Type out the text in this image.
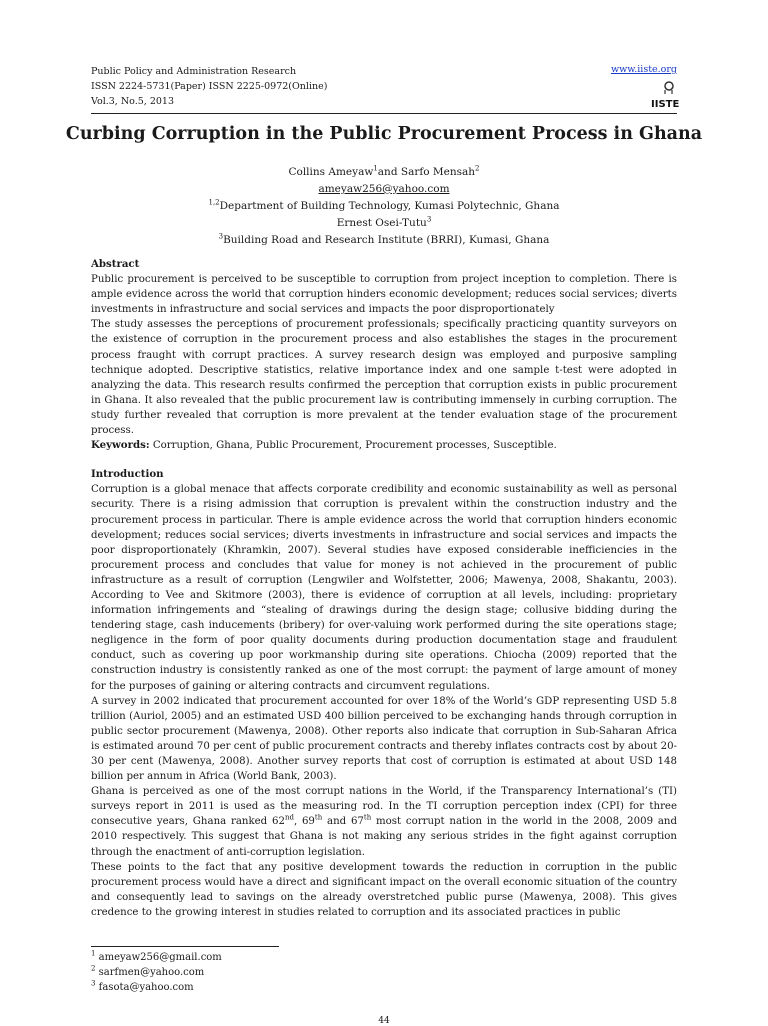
Public Policy and Administration Research
ISSN 2224-5731(Paper) ISSN 2225-0972(Online)
Vol.3, No.5, 2013
www.iiste.org
IISTE
Curbing Corruption in the Public Procurement Process in Ghana
Collins Ameyaw$^1$and Sarfo Mensah$^2$
ameyaw256@yahoo.com
$^{1,2}$Department of Building Technology, Kumasi Polytechnic, Ghana
Ernest Osei-Tutu$^3$
$^3$Building Road and Research Institute (BRRI), Kumasi, Ghana
Abstract

Public procurement is perceived to be susceptible to corruption from project inception to completion. There is ample evidence across the world that corruption hinders economic development; reduces social services; diverts investments in infrastructure and social services and impacts the poor disproportionately

The study assesses the perceptions of procurement professionals; specifically practicing quantity surveyors on the existence of corruption in the procurement process and also establishes the stages in the procurement process fraught with corrupt practices. A survey research design was employed and purposive sampling technique adopted. Descriptive statistics, relative importance index and one sample t-test were adopted in analyzing the data. This research results confirmed the perception that corruption exists in public procurement in Ghana. It also revealed that the public procurement law is contributing immensely in curbing corruption. The study further revealed that corruption is more prevalent at the tender evaluation stage of the procurement process.

Keywords: Corruption, Ghana, Public Procurement, Procurement processes, Susceptible.

Introduction

Corruption is a global menace that affects corporate credibility and economic sustainability as well as personal security. There is a rising admission that corruption is prevalent within the construction industry and the procurement process in particular. There is ample evidence across the world that corruption hinders economic development; reduces social services; diverts investments in infrastructure and social services and impacts the poor disproportionately (Khramkin, 2007). Several studies have exposed considerable inefficiencies in the procurement process and concludes that value for money is not achieved in the procurement of public infrastructure as a result of corruption (Lengwiler and Wolfstetter, 2006; Mawenya, 2008, Shakantu, 2003). According to Vee and Skitmore (2003), there is evidence of corruption at all levels, including: proprietary information infringements and “stealing of drawings during the design stage; collusive bidding during the tendering stage, cash inducements (bribery) for over-valuing work performed during the site operations stage; negligence in the form of poor quality documents during production documentation stage and fraudulent conduct, such as covering up poor workmanship during site operations. Chiocha (2009) reported that the construction industry is consistently ranked as one of the most corrupt: the payment of large amount of money for the purposes of gaining or altering contracts and circumvent regulations.

A survey in 2002 indicated that procurement accounted for over 18% of the World’s GDP representing USD 5.8 trillion (Auriol, 2005) and an estimated USD 400 billion perceived to be exchanging hands through corruption in public sector procurement (Mawenya, 2008). Other reports also indicate that corruption in Sub-Saharan Africa is estimated around 70 per cent of public procurement contracts and thereby inflates contracts cost by about 20-30 per cent (Mawenya, 2008). Another survey reports that cost of corruption is estimated at about USD 148 billion per annum in Africa (World Bank, 2003).

Ghana is perceived as one of the most corrupt nations in the World, if the Transparency International’s (TI) surveys report in 2011 is used as the measuring rod. In the TI corruption perception index (CPI) for three consecutive years, Ghana ranked 62nd, 69th and 67th most corrupt nation in the world in the 2008, 2009 and 2010 respectively. This suggest that Ghana is not making any serious strides in the fight against corruption through the enactment of anti-corruption legislation.

These points to the fact that any positive development towards the reduction in corruption in the public procurement process would have a direct and significant impact on the overall economic situation of the country and consequently lead to savings on the already overstretched public purse (Mawenya, 2008). This gives credence to the growing interest in studies related to corruption and its associated practices in public

$^1$ ameyaw256@gmail.com
$^2$ sarfmen@yahoo.com
$^3$ fasota@yahoo.com
44
